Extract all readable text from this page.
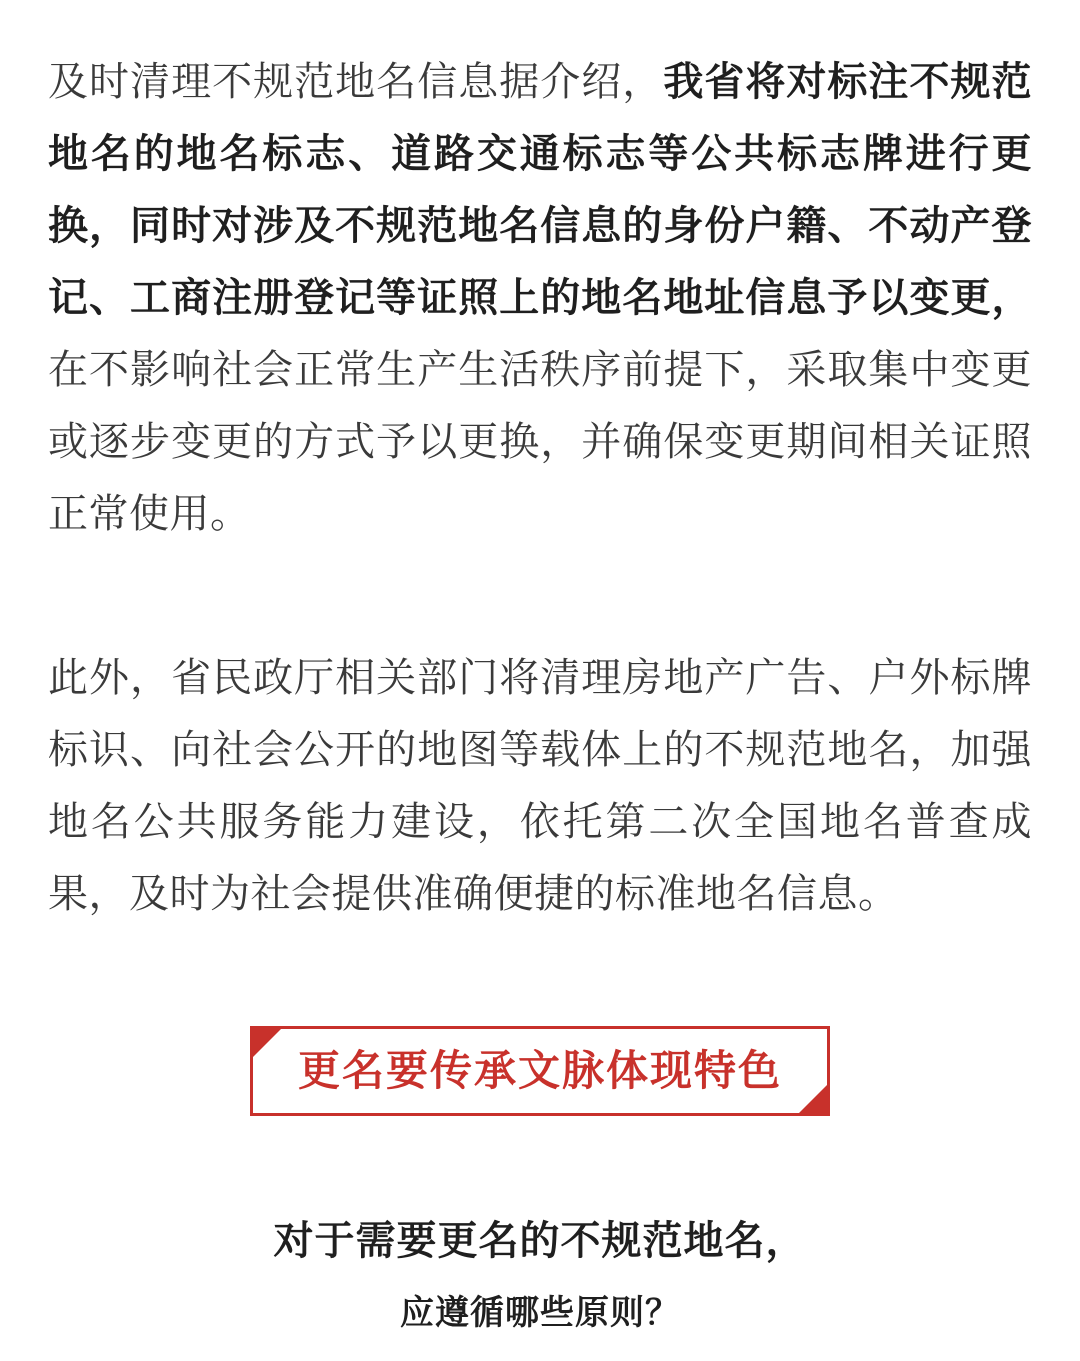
及时清理不规范地名信息据介绍，我省将对标注不规范地名的地名标志、道路交通标志等公共标志牌进行更换，同时对涉及不规范地名信息的身份户籍、不动产登记、工商注册登记等证照上的地名地址信息予以变更，在不影响社会正常生产生活秩序前提下，采取集中变更或逐步变更的方式予以更换，并确保变更期间相关证照正常使用。

此外，省民政厅相关部门将清理房地产广告、户外标牌标识、向社会公开的地图等载体上的不规范地名，加强地名公共服务能力建设，依托第二次全国地名普查成果，及时为社会提供准确便捷的标准地名信息。

更名要传承文脉体现特色
对于需要更名的不规范地名，
应遵循哪些原则？
